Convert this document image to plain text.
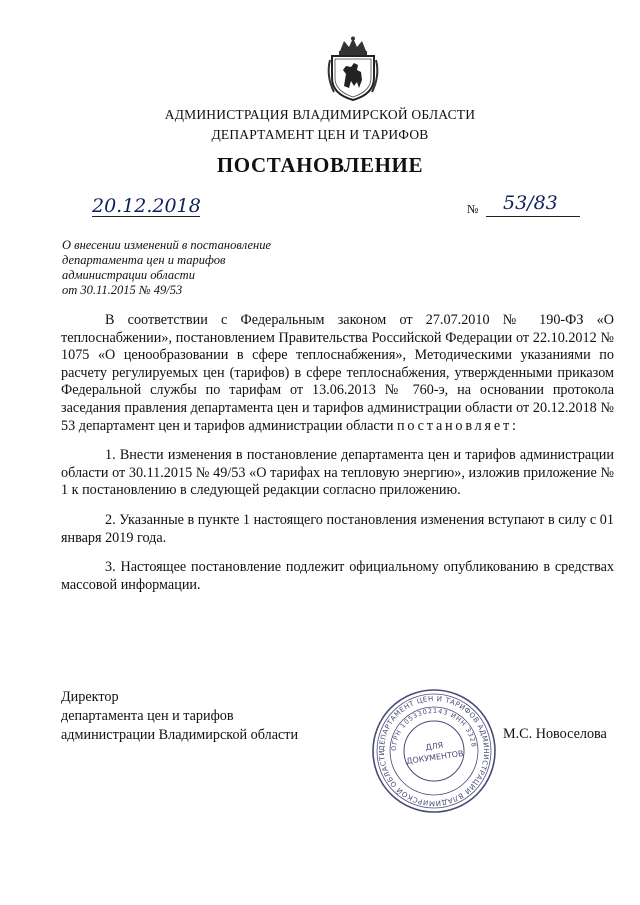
АДМИНИСТРАЦИЯ ВЛАДИМИРСКОЙ ОБЛАСТИ
ДЕПАРТАМЕНТ ЦЕН И ТАРИФОВ
ПОСТАНОВЛЕНИЕ
20.12.2018	№ 53/83
О внесении изменений в постановление
департамента цен и тарифов
администрации области
от 30.11.2015 № 49/53

В соответствии с Федеральным законом от 27.07.2010 № 190-ФЗ «О теплоснабжении», постановлением Правительства Российской Федерации от 22.10.2012 № 1075 «О ценообразовании в сфере теплоснабжения», Методическими указаниями по расчету регулируемых цен (тарифов) в сфере теплоснабжения, утвержденными приказом Федеральной службы по тарифам от 13.06.2013 № 760-э, на основании протокола заседания правления департамента цен и тарифов администрации области от 20.12.2018 № 53 департамент цен и тарифов администрации области постановляет:

1. Внести изменения в постановление департамента цен и тарифов администрации области от 30.11.2015 № 49/53 «О тарифах на тепловую энергию», изложив приложение № 1 к постановлению в следующей редакции согласно приложению.

2. Указанные в пункте 1 настоящего постановления изменения вступают в силу с 01 января 2019 года.

3. Настоящее постановление подлежит официальному опубликованию в средствах массовой информации.

Директор
департамента цен и тарифов
администрации Владимирской области
ДЕПАРТАМЕНТ ЦЕН И ТАРИФОВ АДМИНИСТРАЦИИ ВЛАДИМИРСКОЙ ОБЛАСТИ
ОГРН 1053302143 ИНН 3328
ДЛЯ
ДОКУМЕНТОВ
М.С. Новоселова
